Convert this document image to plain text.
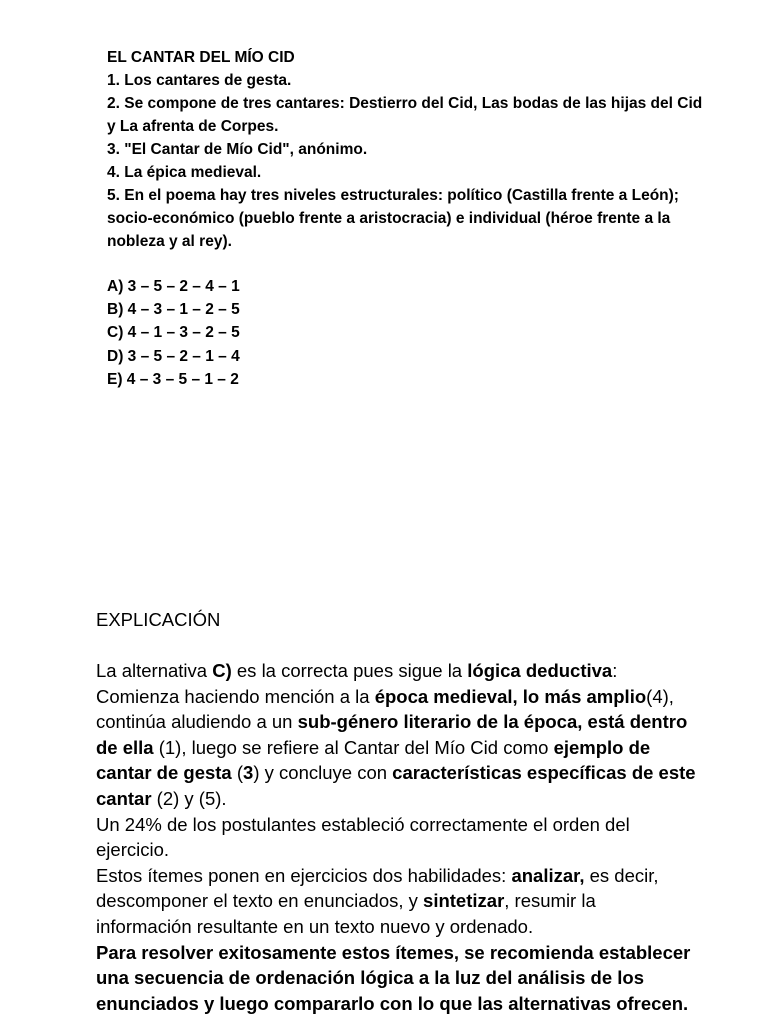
EL CANTAR DEL MÍO CID

1. Los cantares de gesta.

2. Se compone de tres cantares: Destierro del Cid, Las bodas de las hijas del Cid y La afrenta de Corpes.

3. "El Cantar de Mío Cid", anónimo.

4. La épica medieval.

5. En el poema hay tres niveles estructurales: político (Castilla frente a León); socio-económico (pueblo frente a aristocracia) e individual (héroe frente a la nobleza y al rey).

A) 3 – 5 – 2 – 4 – 1

B) 4 – 3 – 1 – 2 – 5

C) 4 – 1 – 3 – 2 – 5

D) 3 – 5 – 2 – 1 – 4

E) 4 – 3 – 5 – 1 – 2

EXPLICACIÓN

La alternativa C) es la correcta pues sigue la lógica deductiva: Comienza haciendo mención a la época medieval, lo más amplio(4), continúa aludiendo a un sub-género literario de la época, está dentro de ella (1), luego se refiere al Cantar del Mío Cid como ejemplo de cantar de gesta (3) y concluye con características específicas de este cantar (2) y (5).

Un 24% de los postulantes estableció correctamente el orden del ejercicio.

Estos ítemes ponen en ejercicios dos habilidades: analizar, es decir, descomponer el texto en enunciados, y sintetizar, resumir la información resultante en un texto nuevo y ordenado.

Para resolver exitosamente estos ítemes, se recomienda establecer una secuencia de ordenación lógica a la luz del análisis de los enunciados y luego compararlo con lo que las alternativas ofrecen.
